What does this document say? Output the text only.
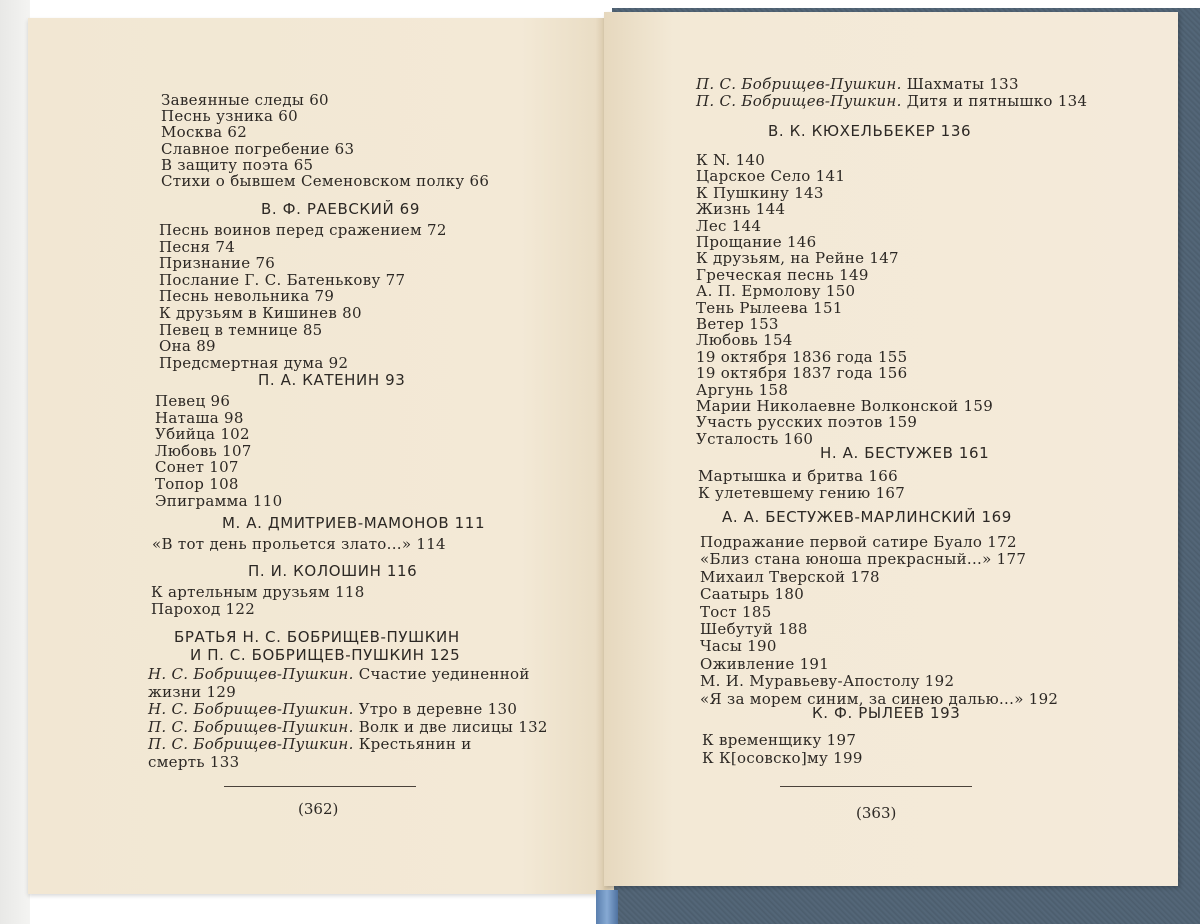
Завеянные следы 60
Песнь узника 60
Москва 62
Славное погребение 63
В защиту поэта 65
Стихи о бывшем Семеновском полку 66
В. Ф. РАЕВСКИЙ 69
Песнь воинов перед сражением 72
Песня 74
Признание 76
Послание Г. С. Батенькову 77
Песнь невольника 79
К друзьям в Кишинев 80
Певец в темнице 85
Она 89
Предсмертная дума 92
П. А. КАТЕНИН 93
Певец 96
Наташа 98
Убийца 102
Любовь 107
Сонет 107
Топор 108
Эпиграмма 110
М. А. ДМИТРИЕВ-МАМОНОВ 111
«В тот день прольется злато...» 114
П. И. КОЛОШИН 116
К артельным друзьям 118
Пароход 122
БРАТЬЯ Н. С. БОБРИЩЕВ-ПУШКИН
И П. С. БОБРИЩЕВ-ПУШКИН 125
Н. С. Бобрищев-Пушкин. Счастие уединенной
жизни 129
Н. С. Бобрищев-Пушкин. Утро в деревне 130
П. С. Бобрищев-Пушкин. Волк и две лисицы 132
П. С. Бобрищев-Пушкин. Крестьянин и
смерть 133
(362)
П. С. Бобрищев-Пушкин. Шахматы 133
П. С. Бобрищев-Пушкин. Дитя и пятнышко 134
В. К. КЮХЕЛЬБЕКЕР 136
К N. 140
Царское Село 141
К Пушкину 143
Жизнь 144
Лес 144
Прощание 146
К друзьям, на Рейне 147
Греческая песнь 149
А. П. Ермолову 150
Тень Рылеева 151
Ветер 153
Любовь 154
19 октября 1836 года 155
19 октября 1837 года 156
Аргунь 158
Марии Николаевне Волконской 159
Участь русских поэтов 159
Усталость 160
Н. А. БЕСТУЖЕВ 161
Мартышка и бритва 166
К улетевшему гению 167
А. А. БЕСТУЖЕВ-МАРЛИНСКИЙ 169
Подражание первой сатире Буало 172
«Близ стана юноша прекрасный...» 177
Михаил Тверской 178
Саатырь 180
Тост 185
Шебутуй 188
Часы 190
Оживление 191
М. И. Муравьеву-Апостолу 192
«Я за морем синим, за синею далью...» 192
К. Ф. РЫЛЕЕВ 193
К временщику 197
К К[осовско]му 199
(363)
